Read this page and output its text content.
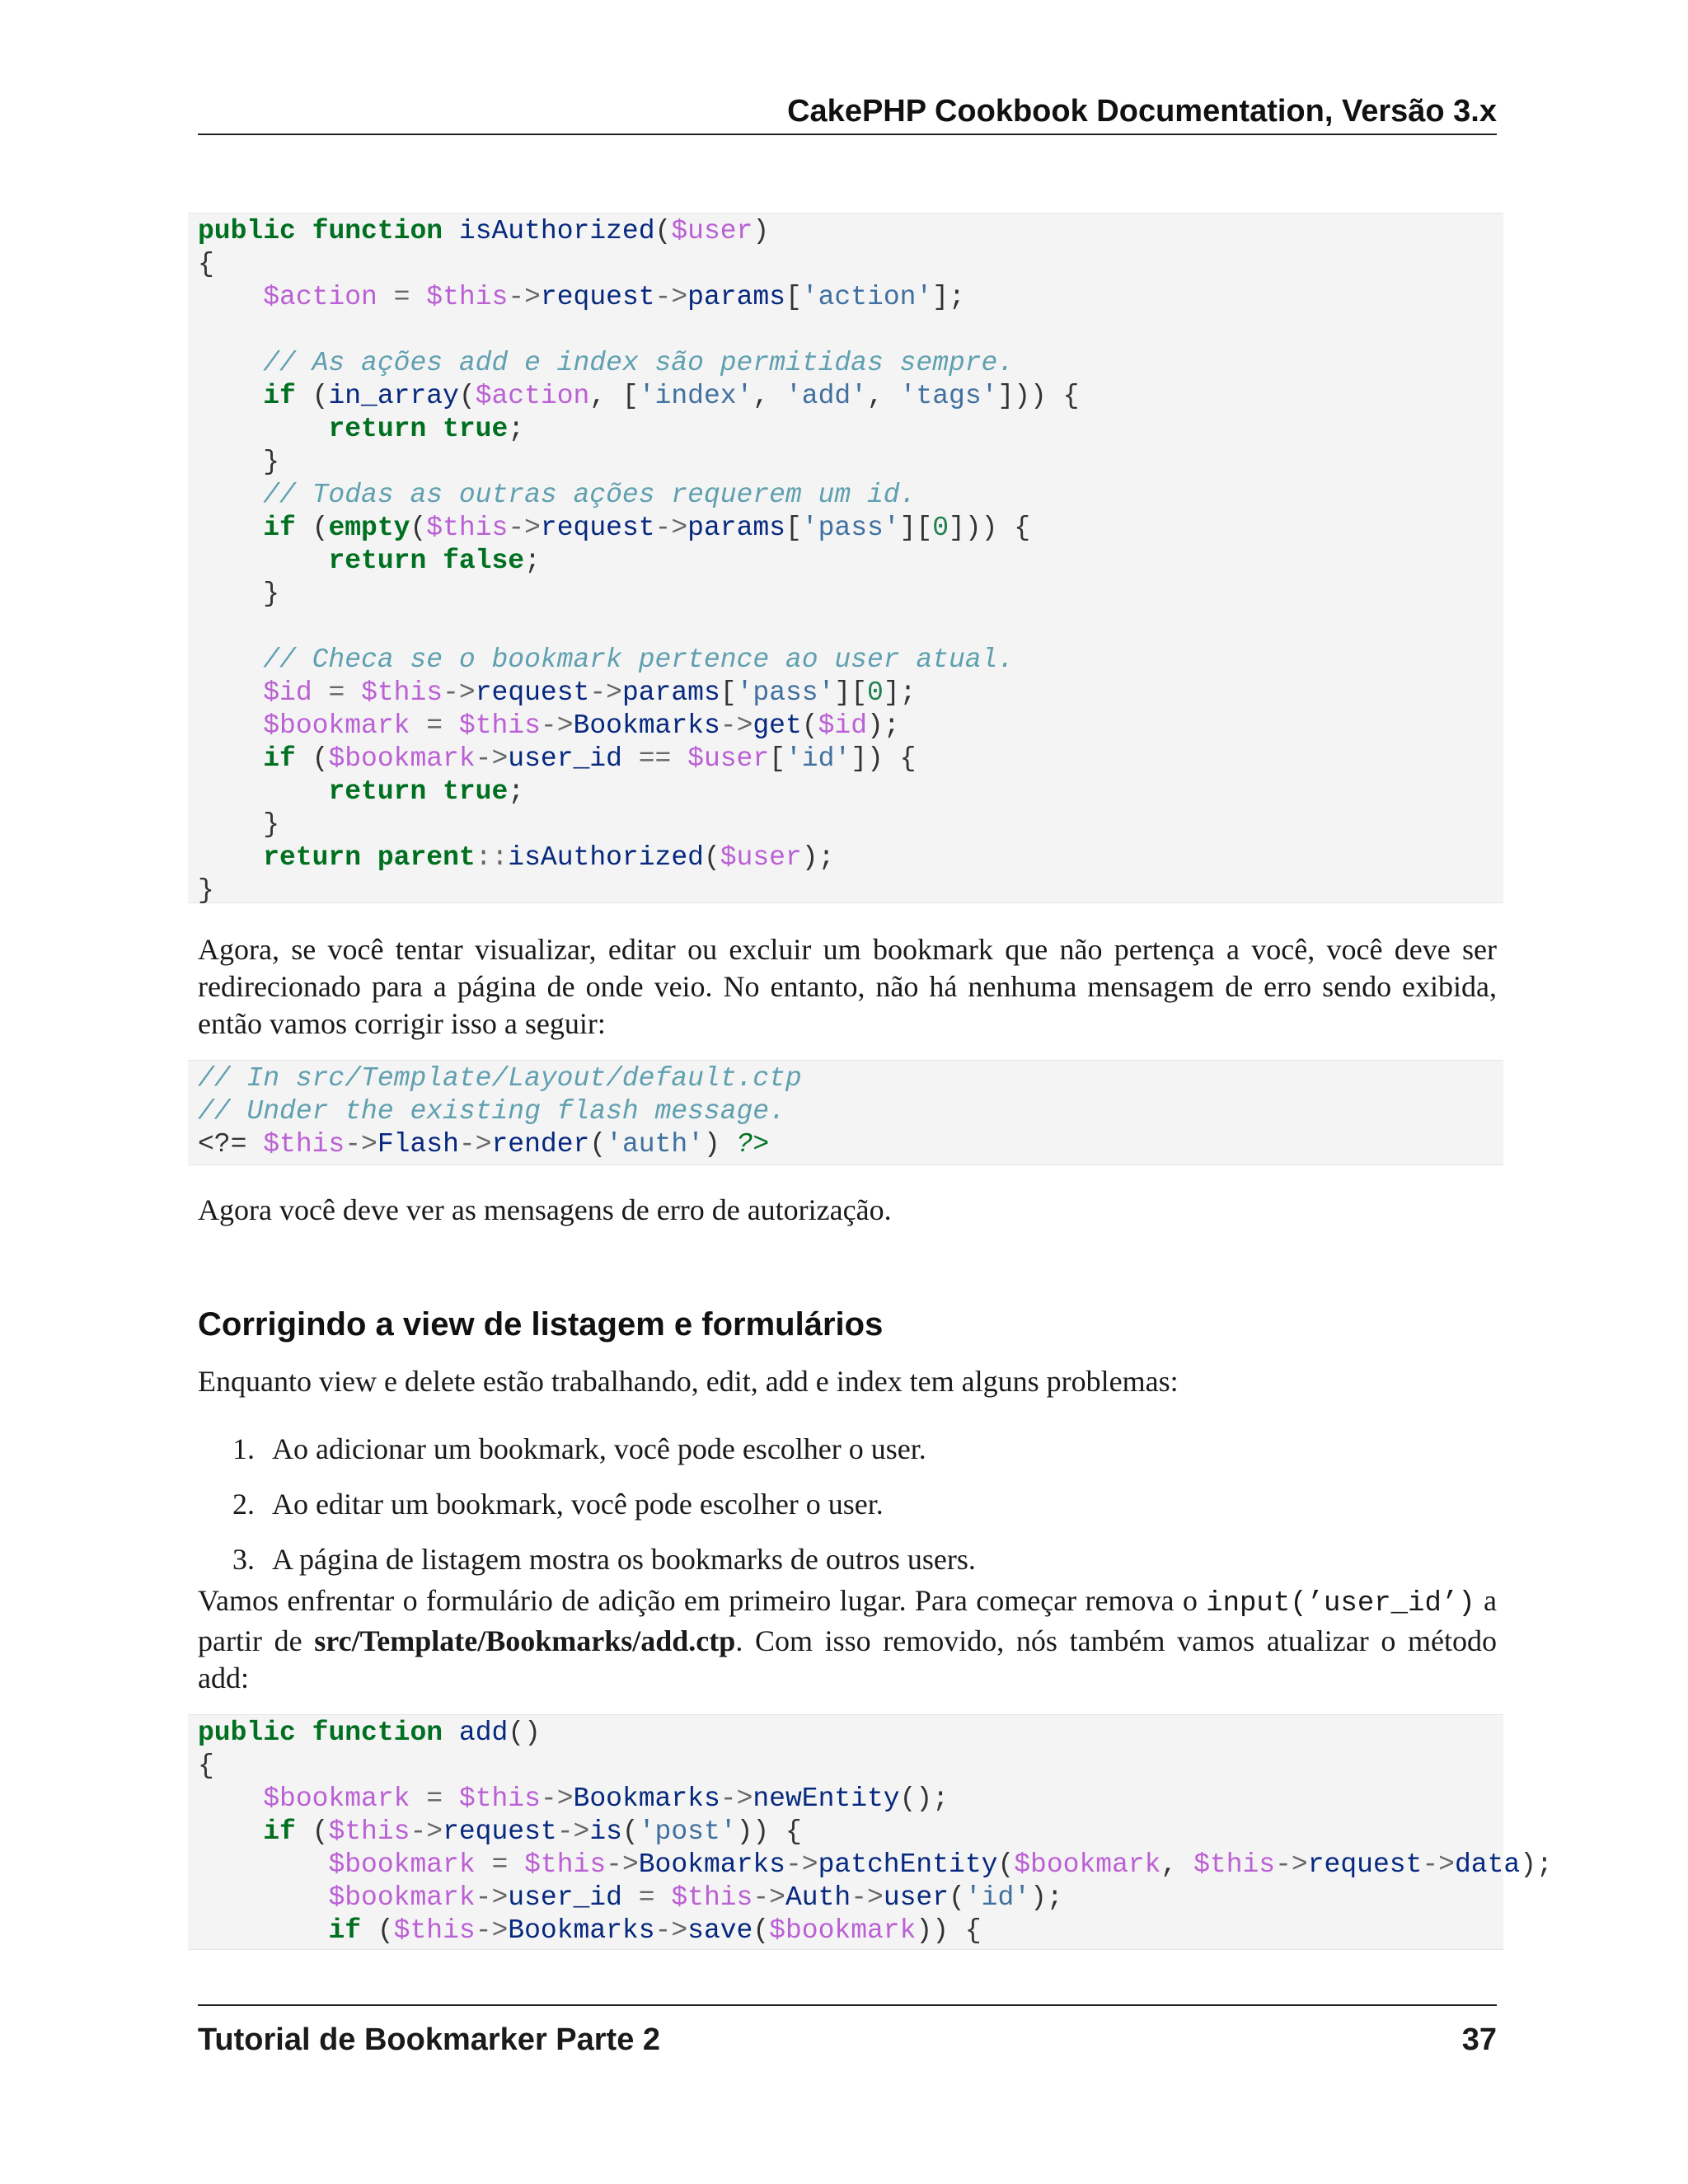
CakePHP Cookbook Documentation, Versão 3.x
public function isAuthorized($user)
{
$action = $this->request->params['action'];
// As ações add e index são permitidas sempre.
if (in_array($action, ['index', 'add', 'tags'])) {
return true;
}
// Todas as outras ações requerem um id.
if (empty($this->request->params['pass'][0])) {
return false;
}
// Checa se o bookmark pertence ao user atual.
$id = $this->request->params['pass'][0];
$bookmark = $this->Bookmarks->get($id);
if ($bookmark->user_id == $user['id']) {
return true;
}
return parent::isAuthorized($user);
}
Agora, se você tentar visualizar, editar ou excluir um bookmark que não pertença a você, você deve ser redirecionado para a página de onde veio. No entanto, não há nenhuma mensagem de erro sendo exibida, então vamos corrigir isso a seguir:
// In src/Template/Layout/default.ctp
// Under the existing flash message.
<?= $this->Flash->render('auth') ?>
Agora você deve ver as mensagens de erro de autorização.
Corrigindo a view de listagem e formulários
Enquanto view e delete estão trabalhando, edit, add e index tem alguns problemas:
1. Ao adicionar um bookmark, você pode escolher o user.
2. Ao editar um bookmark, você pode escolher o user.
3. A página de listagem mostra os bookmarks de outros users.
Vamos enfrentar o formulário de adição em primeiro lugar. Para começar remova o input(’user_id’) a partir de src/Template/Bookmarks/add.ctp. Com isso removido, nós também vamos atualizar o método add:
public function add()
{
$bookmark = $this->Bookmarks->newEntity();
if ($this->request->is('post')) {
$bookmark = $this->Bookmarks->patchEntity($bookmark, $this->request->data);
$bookmark->user_id = $this->Auth->user('id');
if ($this->Bookmarks->save($bookmark)) {
Tutorial de Bookmarker Parte 2	37
